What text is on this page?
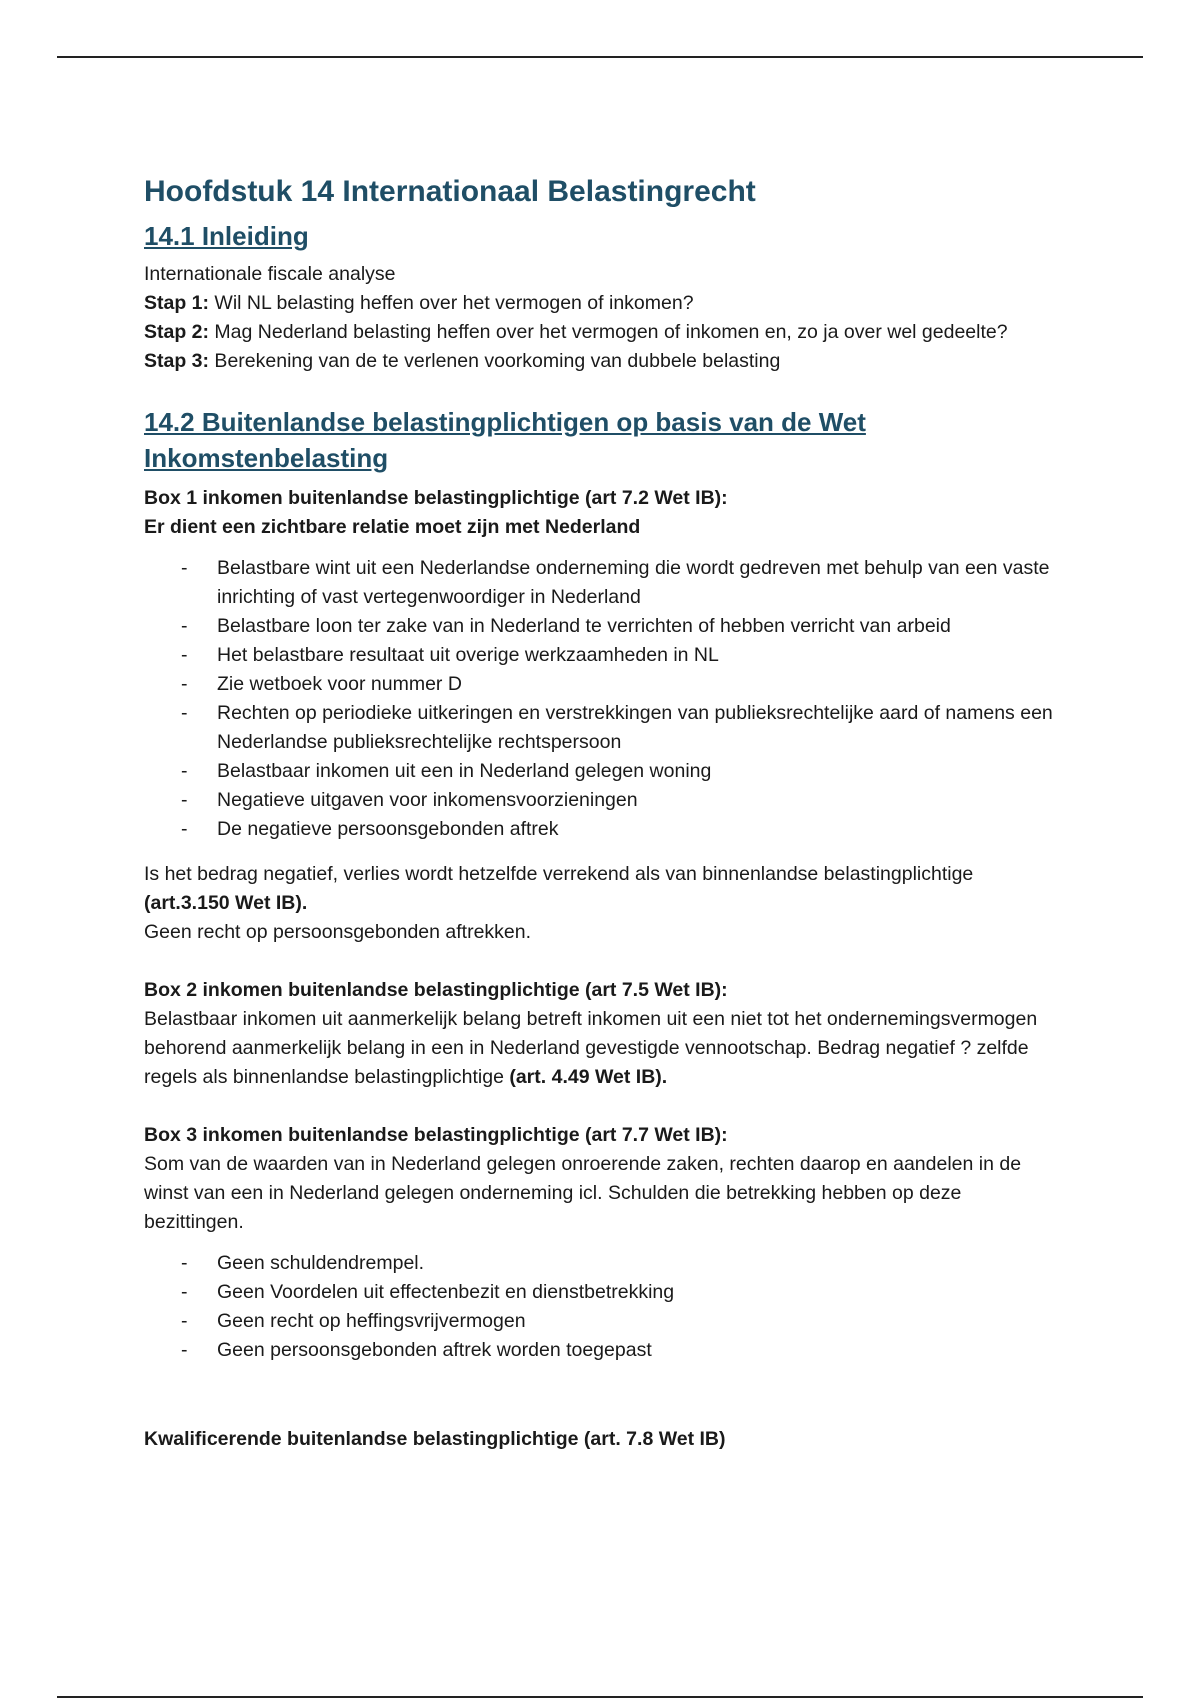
Hoofdstuk 14 Internationaal Belastingrecht
14.1 Inleiding

Internationale fiscale analyse

Stap 1: Wil NL belasting heffen over het vermogen of inkomen?

Stap 2: Mag Nederland belasting heffen over het vermogen of inkomen en, zo ja over wel gedeelte?

Stap 3: Berekening van de te verlenen voorkoming van dubbele belasting

14.2 Buitenlandse belastingplichtigen op basis van de Wet
Inkomstenbelasting

Box 1 inkomen buitenlandse belastingplichtige (art 7.2 Wet IB):

Er dient een zichtbare relatie moet zijn met Nederland

- Belastbare wint uit een Nederlandse onderneming die wordt gedreven met behulp van een vaste inrichting of vast vertegenwoordiger in Nederland
- Belastbare loon ter zake van in Nederland te verrichten of hebben verricht van arbeid
- Het belastbare resultaat uit overige werkzaamheden in NL
- Zie wetboek voor nummer D
- Rechten op periodieke uitkeringen en verstrekkingen van publieksrechtelijke aard of namens een Nederlandse publieksrechtelijke rechtspersoon
- Belastbaar inkomen uit een in Nederland gelegen woning
- Negatieve uitgaven voor inkomensvoorzieningen
- De negatieve persoonsgebonden aftrek

Is het bedrag negatief, verlies wordt hetzelfde verrekend als van binnenlandse belastingplichtige (art.3.150 Wet IB).

Geen recht op persoonsgebonden aftrekken.

Box 2 inkomen buitenlandse belastingplichtige (art 7.5 Wet IB):

Belastbaar inkomen uit aanmerkelijk belang betreft inkomen uit een niet tot het ondernemingsvermogen behorend aanmerkelijk belang in een in Nederland gevestigde vennootschap. Bedrag negatief ? zelfde regels als binnenlandse belastingplichtige (art. 4.49 Wet IB).

Box 3 inkomen buitenlandse belastingplichtige (art 7.7 Wet IB):

Som van de waarden van in Nederland gelegen onroerende zaken, rechten daarop en aandelen in de winst van een in Nederland gelegen onderneming icl. Schulden die betrekking hebben op deze bezittingen.

- Geen schuldendrempel.
- Geen Voordelen uit effectenbezit en dienstbetrekking
- Geen recht op heffingsvrijvermogen
- Geen persoonsgebonden aftrek worden toegepast

Kwalificerende buitenlandse belastingplichtige (art. 7.8 Wet IB)
